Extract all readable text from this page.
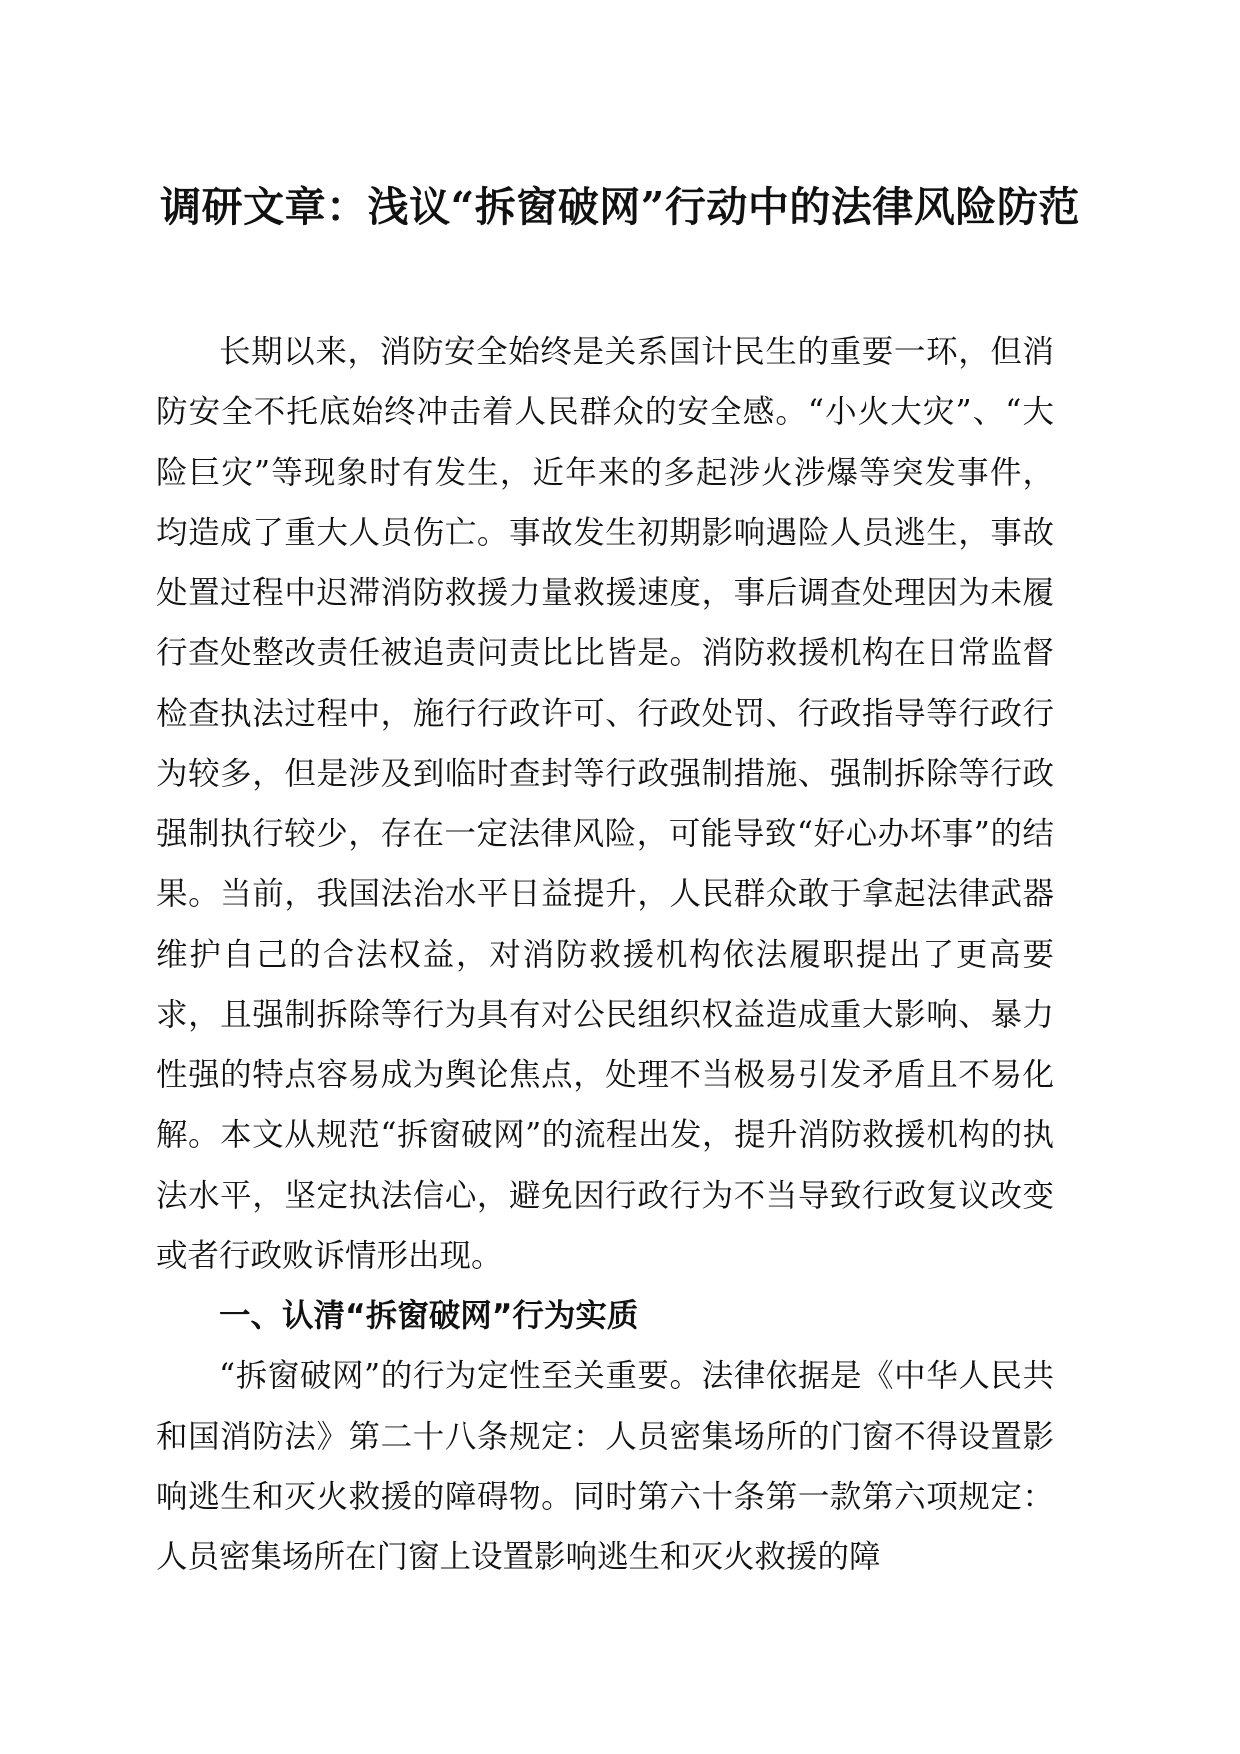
调研文章：浅议“拆窗破网”行动中的法律风险防范

长期以来，消防安全始终是关系国计民生的重要一环，但消防安全不托底始终冲击着人民群众的安全感。“小火大灾”、“大险巨灾”等现象时有发生，近年来的多起涉火涉爆等突发事件，均造成了重大人员伤亡。事故发生初期影响遇险人员逃生，事故处置过程中迟滞消防救援力量救援速度，事后调查处理因为未履行查处整改责任被追责问责比比皆是。消防救援机构在日常监督检查执法过程中，施行行政许可、行政处罚、行政指导等行政行为较多，但是涉及到临时查封等行政强制措施、强制拆除等行政强制执行较少，存在一定法律风险，可能导致“好心办坏事”的结果。当前，我国法治水平日益提升，人民群众敢于拿起法律武器维护自己的合法权益，对消防救援机构依法履职提出了更高要求，且强制拆除等行为具有对公民组织权益造成重大影响、暴力性强的特点容易成为舆论焦点，处理不当极易引发矛盾且不易化解。本文从规范“拆窗破网”的流程出发，提升消防救援机构的执法水平，坚定执法信心，避免因行政行为不当导致行政复议改变或者行政败诉情形出现。

一、认清“拆窗破网”行为实质

“拆窗破网”的行为定性至关重要。法律依据是《中华人民共和国消防法》第二十八条规定：人员密集场所的门窗不得设置影响逃生和灭火救援的障碍物。同时第六十条第一款第六项规定：人员密集场所在门窗上设置影响逃生和灭火救援的障
